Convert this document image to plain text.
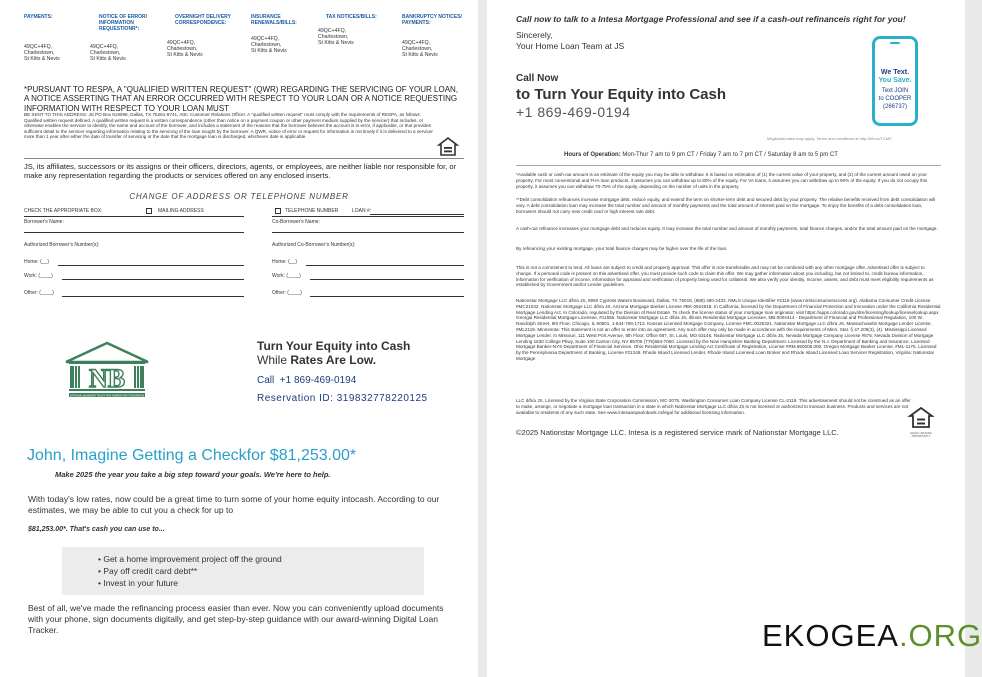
PAYMENTS:
49QC+4FQ,
Charlestown,
St Kitts & Nevis
NOTICE OF ERROR/ INFORMATION REQUESTIONR*:
49QC+4FQ,
Charlestown,
St Kitts & Nevis
OVERNIGHT DELIVERY CORRESPONDENCE:
49QC+4FQ,
Charlestown,
St Kitts & Nevis
INSURANCE RENEWALS/BILLS:
49QC+4FQ,
Charlestown,
St Kitts & Nevis
TAX NOTICES/BILLS:
49QC+4FQ,
Charlestown,
St Kitts & Nevis
BANKRUPTCY NOTICES/ PAYMENTS:
49QC+4FQ,
Charlestown,
St Kitts & Nevis
*PURSUANT TO RESPA, A "QUALIFIED WRITTEN REQUEST" (QWR) REGARDING THE SERVICING OF YOUR LOAN, A NOTICE ASSERTING THAT AN ERROR OCCURRED WITH RESPECT TO YOUR LOAN OR A NOTICE REQUESTING INFORMATION WITH RESPECT TO YOUR LOAN MUST
BE SENT TO THIS ADDRESS: JS PO Box 619098, Dallas, TX 75261-9741, Attn: Customer Relations Officer. A "qualified written request" must comply with the requirements of RESPA, as follows: Qualified written request defined. A qualified written request is a written correspondence (other than notice on a payment coupon or other payment medium supplied by the servicer) that includes, or otherwise enables the servicer to identify, the name and account of the borrower, and includes a statement of the reasons that the borrower believes the account is in error, if applicable, or that provides sufficient detail to the servicer regarding information relating to the servicing of the loan sought by the borrower. A QWR, notice of error or request for information is not timely if it is delivered to a servicer more than 1 year after either the date of transfer of servicing or the date that the mortgage loan is discharged, whichever date is applicable.
JS, its affiliates, successors or its assigns or their officers, directors, agents, or employees, are neither liable nor responsible for, or make any representation regarding the products or services offered on any enclosed inserts.
CHANGE OF ADDRESS OR TELEPHONE NUMBER
CHECK THE APPROPRIATE BOX:	MAILING ADDRESS	TELEPHONE NUMBER	LOAN #:
Borrower's Name:	Co-Borrower's Name:
Authorized Borrower's Number(s):	Authorized Co-Borrower's Number(s):
Home: (__)	Home: (__)
Work: (____)	Work: (____)
Other: (____)	Other: (____)
NB
NATIONAL BANKERS TRUST FOR A BRIGHTER TOMORROW
Turn Your Equity into Cash
While Rates Are Low.
Call +1 869-469-0194
Reservation ID: 319832778220125
John, Imagine Getting a Checkfor $81,253.00*
Make 2025 the year you take a big step toward your goals. We're here to help.
With today's low rates, now could be a great time to turn some of your home equity intocash. According to our estimates, we may be able to cut you a check for up to
$81,253.00*. That's cash you can use to...
• Get a home improvement project off the ground
• Pay off credit card debt**
• Invest in your future
Best of all, we've made the refinancing process easier than ever. Now you can conveniently upload documents with your phone, sign documents digitally, and get step-by-step guidance with our award-winning Digital Loan Tracker.
Call now to talk to a Intesa Mortgage Professional and see if a cash-out refinanceis right for you!
Sincerely,
Your Home Loan Team at JS
Call Now
to Turn Your Equity into Cash
+1 869-469-0194
We Text.
You Save.
Text JOIN
to COOPER
(266737)
Msg&data rates may apply. Terms and conditions at http://Mr.co/TCMC
Hours of Operation: Mon-Thur 7 am to 9 pm CT / Friday 7 am to 7 pm CT / Saturday 8 am to 5 pm CT
*Available cash or cash-out amount is an estimate of the equity you may be able to withdraw. It is based on estimation of (1) the current value of your property, and (2) of the current amount owed on your property. For most conventional and FHA loan products, it assumes you can withdraw up to 80% of the equity. For VA loans, it assumes you can withdraw up to 90% of the equity. If you do not occupy this property, it assumes you can withdraw 70-75% of the equity, depending on the number of units in the property.
**Debt consolidation refinances increase mortgage debt, reduce equity, and extend the term on shorter-term debt and secured debt by your property. The relative benefits received from debt consolidation will vary. A debt consolidation loan may increase the total number and amount of monthly payments and the total amount of interest paid on the mortgage. To enjoy the benefits of a debt consolidation loan, borrowers should not carry new credit card or high interest rate debt.
A cash-out refinance increases your mortgage debt and reduces equity. It may increase the total number and amount of monthly payments, total finance charges, and/or the total amount paid on the mortgage.
By refinancing your existing mortgage, your total finance charges may be higher over the life of the loan.
This is not a commitment to lend. All loans are subject to credit and property approval. This offer is non-transferable and may not be combined with any other mortgage offer. Advertised offer is subject to change. If a personal code is present on this advertised offer, you must provide such code to claim this offer. We may gather information about you including, but not limited to, credit bureau information, information for verification of income, information for appraisal and verification of property being used for collateral. We also verify your identity. Income, assets, and debt must meet eligibility requirements as established by Government and/or Lender guidelines.
Nationstar Mortgage LLC d/b/a JS, 8950 Cypress Waters Boulevard, Dallas, TX 75019, (888) 480-2432, NMLS Unique Identifier #2119 (www.nmlsconsumeraccess.org). Alabama Consumer Credit License #MC21042. Nationstar Mortgage LLC d/b/a JS, Arizona Mortgage Banker License #BK-0924815. In California, licensed by the Department of Financial Protection and Innovation under the California Residential Mortgage Lending Act. In Colorado, regulated by the Division of Real Estate. To check the license status of your mortgage loan originator, visit https://apps.colorado.gov/dre/licensing/lookup/licenselookup.aspx Georgia Residential Mortgage Licensee, #11555. Nationstar Mortgage LLC d/b/a JS, Illinois Residential Mortgage Licensee, MB.0004414 - Department of Financial and Professional Regulation, 100 W. Randolph Street, 9th Floor, Chicago, IL 60601, 1-844-768-1713. Kansas Licensed Mortgage Company, License #MC.0025321. Nationstar Mortgage LLC d/b/a JS, Massachusetts Mortgage Lender License, #ML2119. Minnesota: This statement is not an offer to enter into an agreement. Any such offer may only be made in accordance with the requirements of Minn. Stat. § 47.206(3), (4). Mississippi Licensed Mortgage Lender. In Missouri, 111 West Port Avenue, 6th Floor, Office 687, St. Louis, MO 63146. Nationstar Mortgage LLC d/b/a JS, Nevada Mortgage Company License #575, Nevada Division of Mortgage Lending 1830 College Pkwy, Suite 100 Carson City, NV 89706 (775)684-7060. Licensed by the New Hampshire Banking Department. Licensed by the N.J. Department of Banking and Insurance. Licensed Mortgage Banker-NYS Department of Financial Services. Ohio Residential Mortgage Lending Act Certificate of Registration, License #RM.850005.000. Oregon Mortgage Banker License, #ML-1175. Licensed by the Pennsylvania Department of Banking, License #21248. Rhode Island Licensed Lender, Rhode Island Licensed Loan Broker and Rhode Island Licensed Loan Servicer Registration, Virginia: Nationstar Mortgage
LLC d/b/a JS, Licensed by the Virginia State Corporation Commission, MC-2075. Washington Consumer Loan Company License CL-2119. This advertisement should not be construed as an offer to make, arrange, or negotiate a mortgage loan transaction in a state in which Nationstar Mortgage LLC d/b/a JS is not licensed or authorized to transact business. Products and services are not available to residents of any such state. See www.intesaanpaolobank.ro/legal for additional licensing information.
©2025 Nationstar Mortgage LLC. Intesa is a registered service mark of Nationstar Mortgage LLC.	EQUAL HOUSING OPPORTUNITY
EKOGEA.ORG
